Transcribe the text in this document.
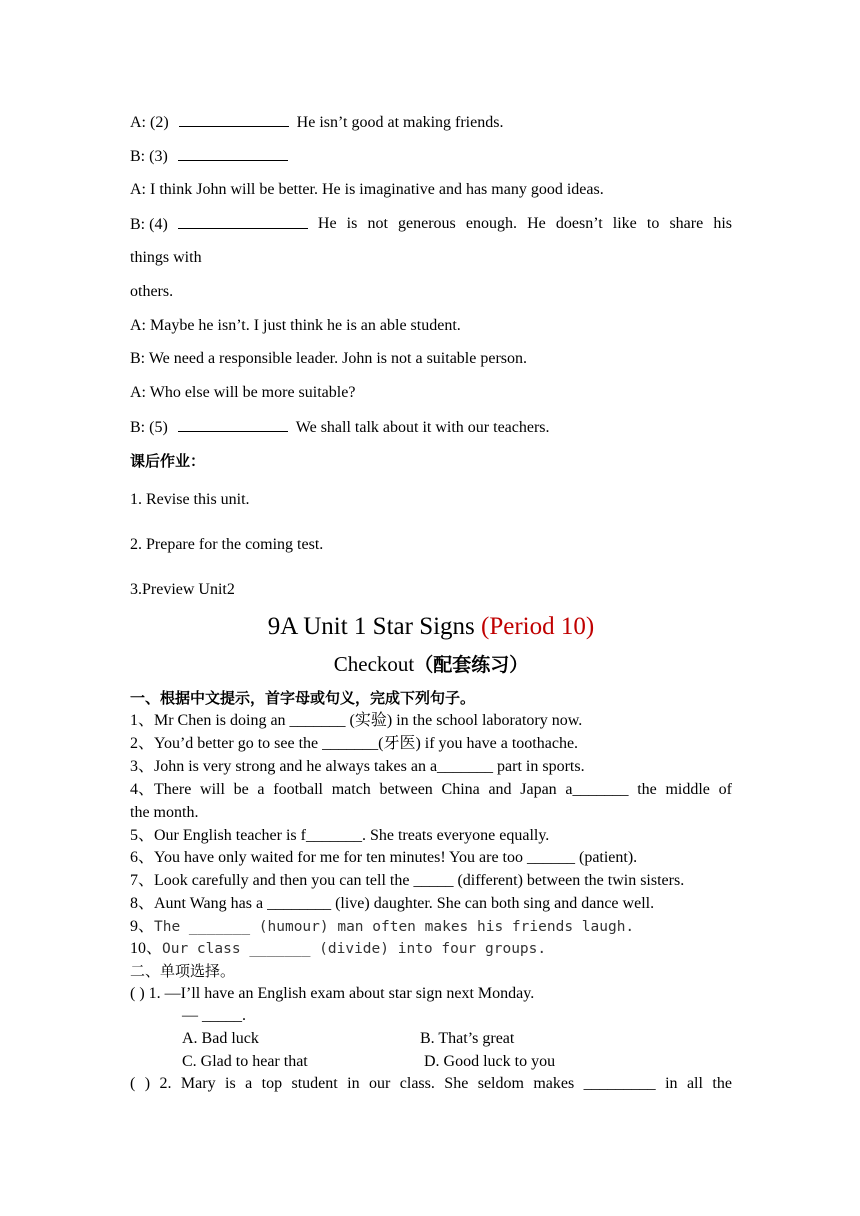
A: (2)	He isn’t good at making friends.
B: (3)
A: I think John will be better. He is imaginative and has many good ideas.
B: (4)	He is not generous enough. He doesn’t like to share his
things with
others.
A: Maybe he isn’t. I just think he is an able student.
B: We need a responsible leader. John is not a suitable person.
A: Who else will be more suitable?
B: (5)	We shall talk about it with our teachers.
课后作业：
1. Revise this unit.
2. Prepare for the coming test.
3.Preview Unit2
9A Unit 1 Star Signs (Period 10)
Checkout（配套练习）
一、根据中文提示，首字母或句义，完成下列句子。
1、Mr Chen is doing an _______ (实验) in the school laboratory now.
2、You’d better go to see the _______(牙医) if you have a toothache.
3、John is very strong and he always takes an a_______ part in sports.
4、There will be a football match between China and Japan a_______ the middle of
the month.
5、Our English teacher is f_______. She treats everyone equally.
6、You have only waited for me for ten minutes! You are too ______ (patient).
7、Look carefully and then you can tell the _____ (different) between the twin sisters.
8、Aunt Wang has a ________ (live) daughter. She can both sing and dance well.
9、The _______ (humour) man often makes his friends laugh.
10、Our class _______ (divide) into four groups.
二、单项选择。
( ) 1. —I’ll have an English exam about star sign next Monday.
— _____.
A. Bad luck	B. That’s great
C. Glad to hear that	D. Good luck to you
( ) 2. Mary is a top student in our class. She seldom makes _________ in all the
